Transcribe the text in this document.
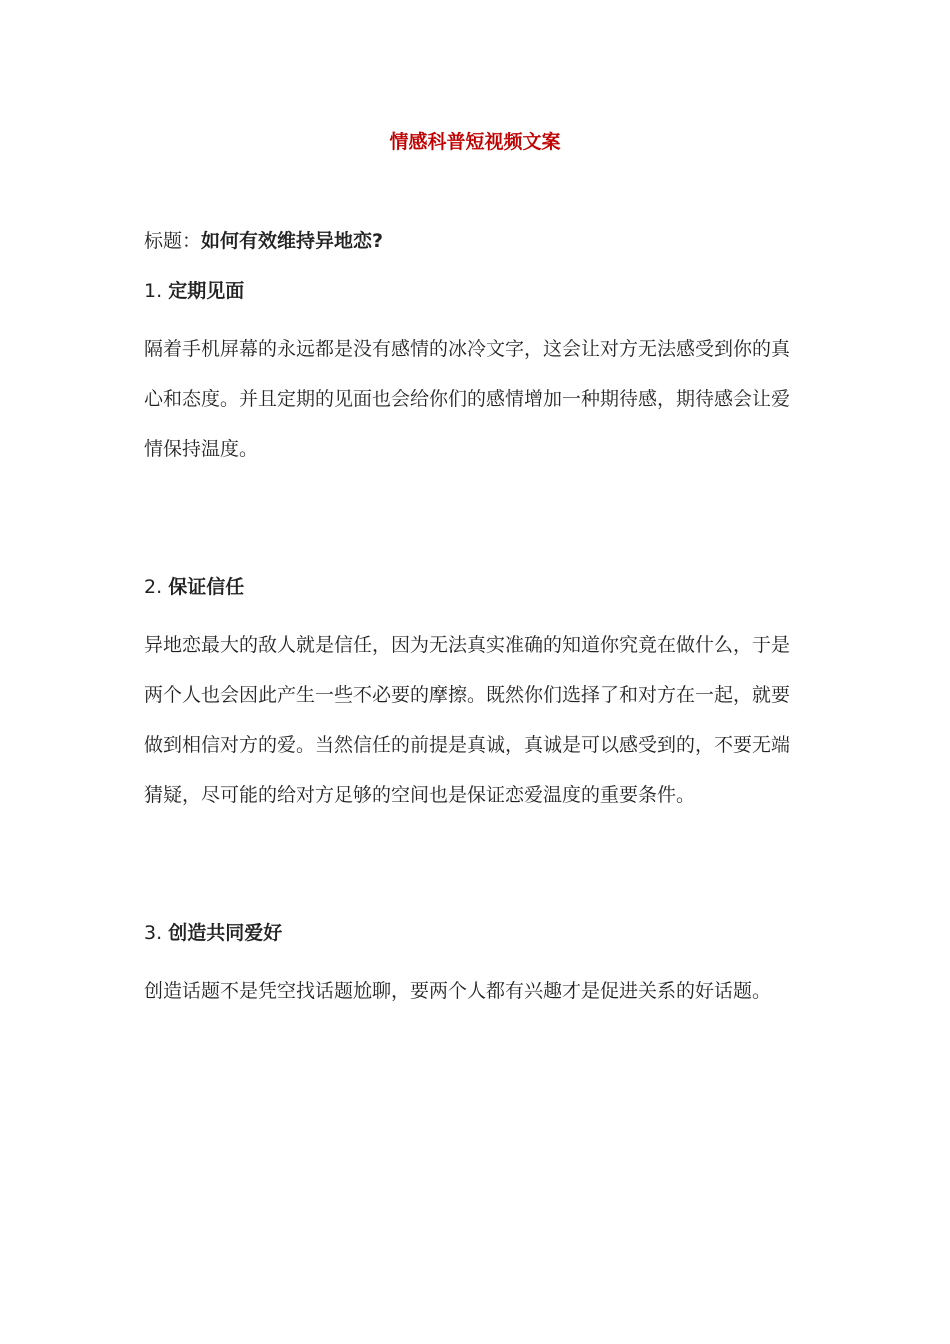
情感科普短视频文案
标题：如何有效维持异地恋?
1. 定期见面

隔着手机屏幕的永远都是没有感情的冰冷文字，这会让对方无法感受到你的真

心和态度。并且定期的见面也会给你们的感情增加一种期待感，期待感会让爱

情保持温度。

2. 保证信任

异地恋最大的敌人就是信任，因为无法真实准确的知道你究竟在做什么，于是

两个人也会因此产生一些不必要的摩擦。既然你们选择了和对方在一起，就要

做到相信对方的爱。当然信任的前提是真诚，真诚是可以感受到的，不要无端

猜疑，尽可能的给对方足够的空间也是保证恋爱温度的重要条件。

3. 创造共同爱好

创造话题不是凭空找话题尬聊，要两个人都有兴趣才是促进关系的好话题。
